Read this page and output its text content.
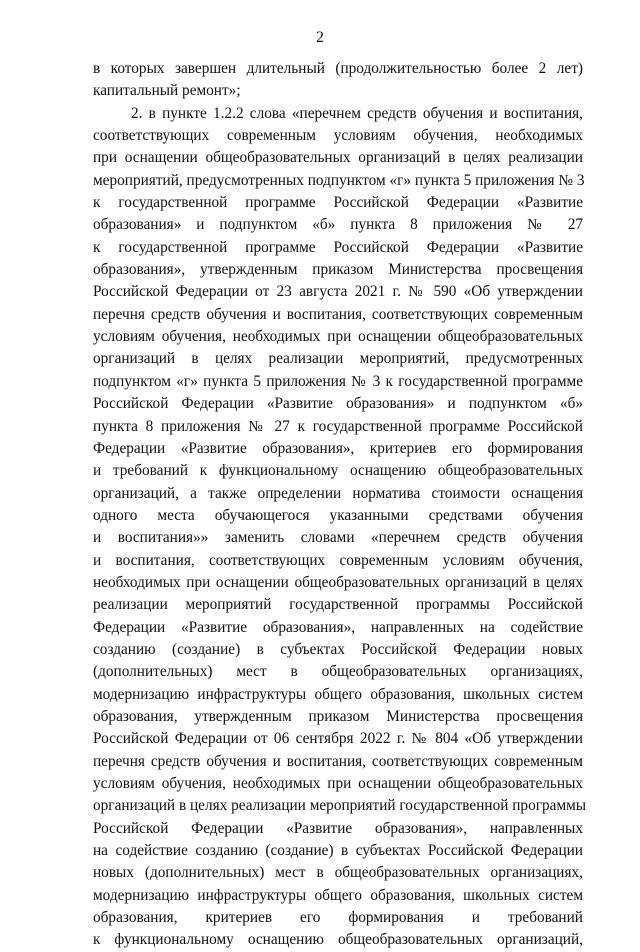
2
в которых завершен длительный (продолжительностью более 2 лет)
капитальный ремонт»;
2. в пункте 1.2.2 слова «перечнем средств обучения и воспитания,
соответствующих современным условиям обучения, необходимых
при оснащении общеобразовательных организаций в целях реализации
мероприятий, предусмотренных подпунктом «г» пункта 5 приложения № 3
к государственной программе Российской Федерации «Развитие
образования» и подпунктом «б» пункта 8 приложения № 27
к государственной программе Российской Федерации «Развитие
образования», утвержденным приказом Министерства просвещения
Российской Федерации от 23 августа 2021 г. № 590 «Об утверждении
перечня средств обучения и воспитания, соответствующих современным
условиям обучения, необходимых при оснащении общеобразовательных
организаций в целях реализации мероприятий, предусмотренных
подпунктом «г» пункта 5 приложения № 3 к государственной программе
Российской Федерации «Развитие образования» и подпунктом «б»
пункта 8 приложения № 27 к государственной программе Российской
Федерации «Развитие образования», критериев его формирования
и требований к функциональному оснащению общеобразовательных
организаций, а также определении норматива стоимости оснащения
одного места обучающегося указанными средствами обучения
и воспитания»» заменить словами «перечнем средств обучения
и воспитания, соответствующих современным условиям обучения,
необходимых при оснащении общеобразовательных организаций в целях
реализации мероприятий государственной программы Российской
Федерации «Развитие образования», направленных на содействие
созданию (создание) в субъектах Российской Федерации новых
(дополнительных) мест в общеобразовательных организациях,
модернизацию инфраструктуры общего образования, школьных систем
образования, утвержденным приказом Министерства просвещения
Российской Федерации от 06 сентября 2022 г. № 804 «Об утверждении
перечня средств обучения и воспитания, соответствующих современным
условиям обучения, необходимых при оснащении общеобразовательных
организаций в целях реализации мероприятий государственной программы
Российской Федерации «Развитие образования», направленных
на содействие созданию (создание) в субъектах Российской Федерации
новых (дополнительных) мест в общеобразовательных организациях,
модернизацию инфраструктуры общего образования, школьных систем
образования, критериев его формирования и требований
к функциональному оснащению общеобразовательных организаций,
